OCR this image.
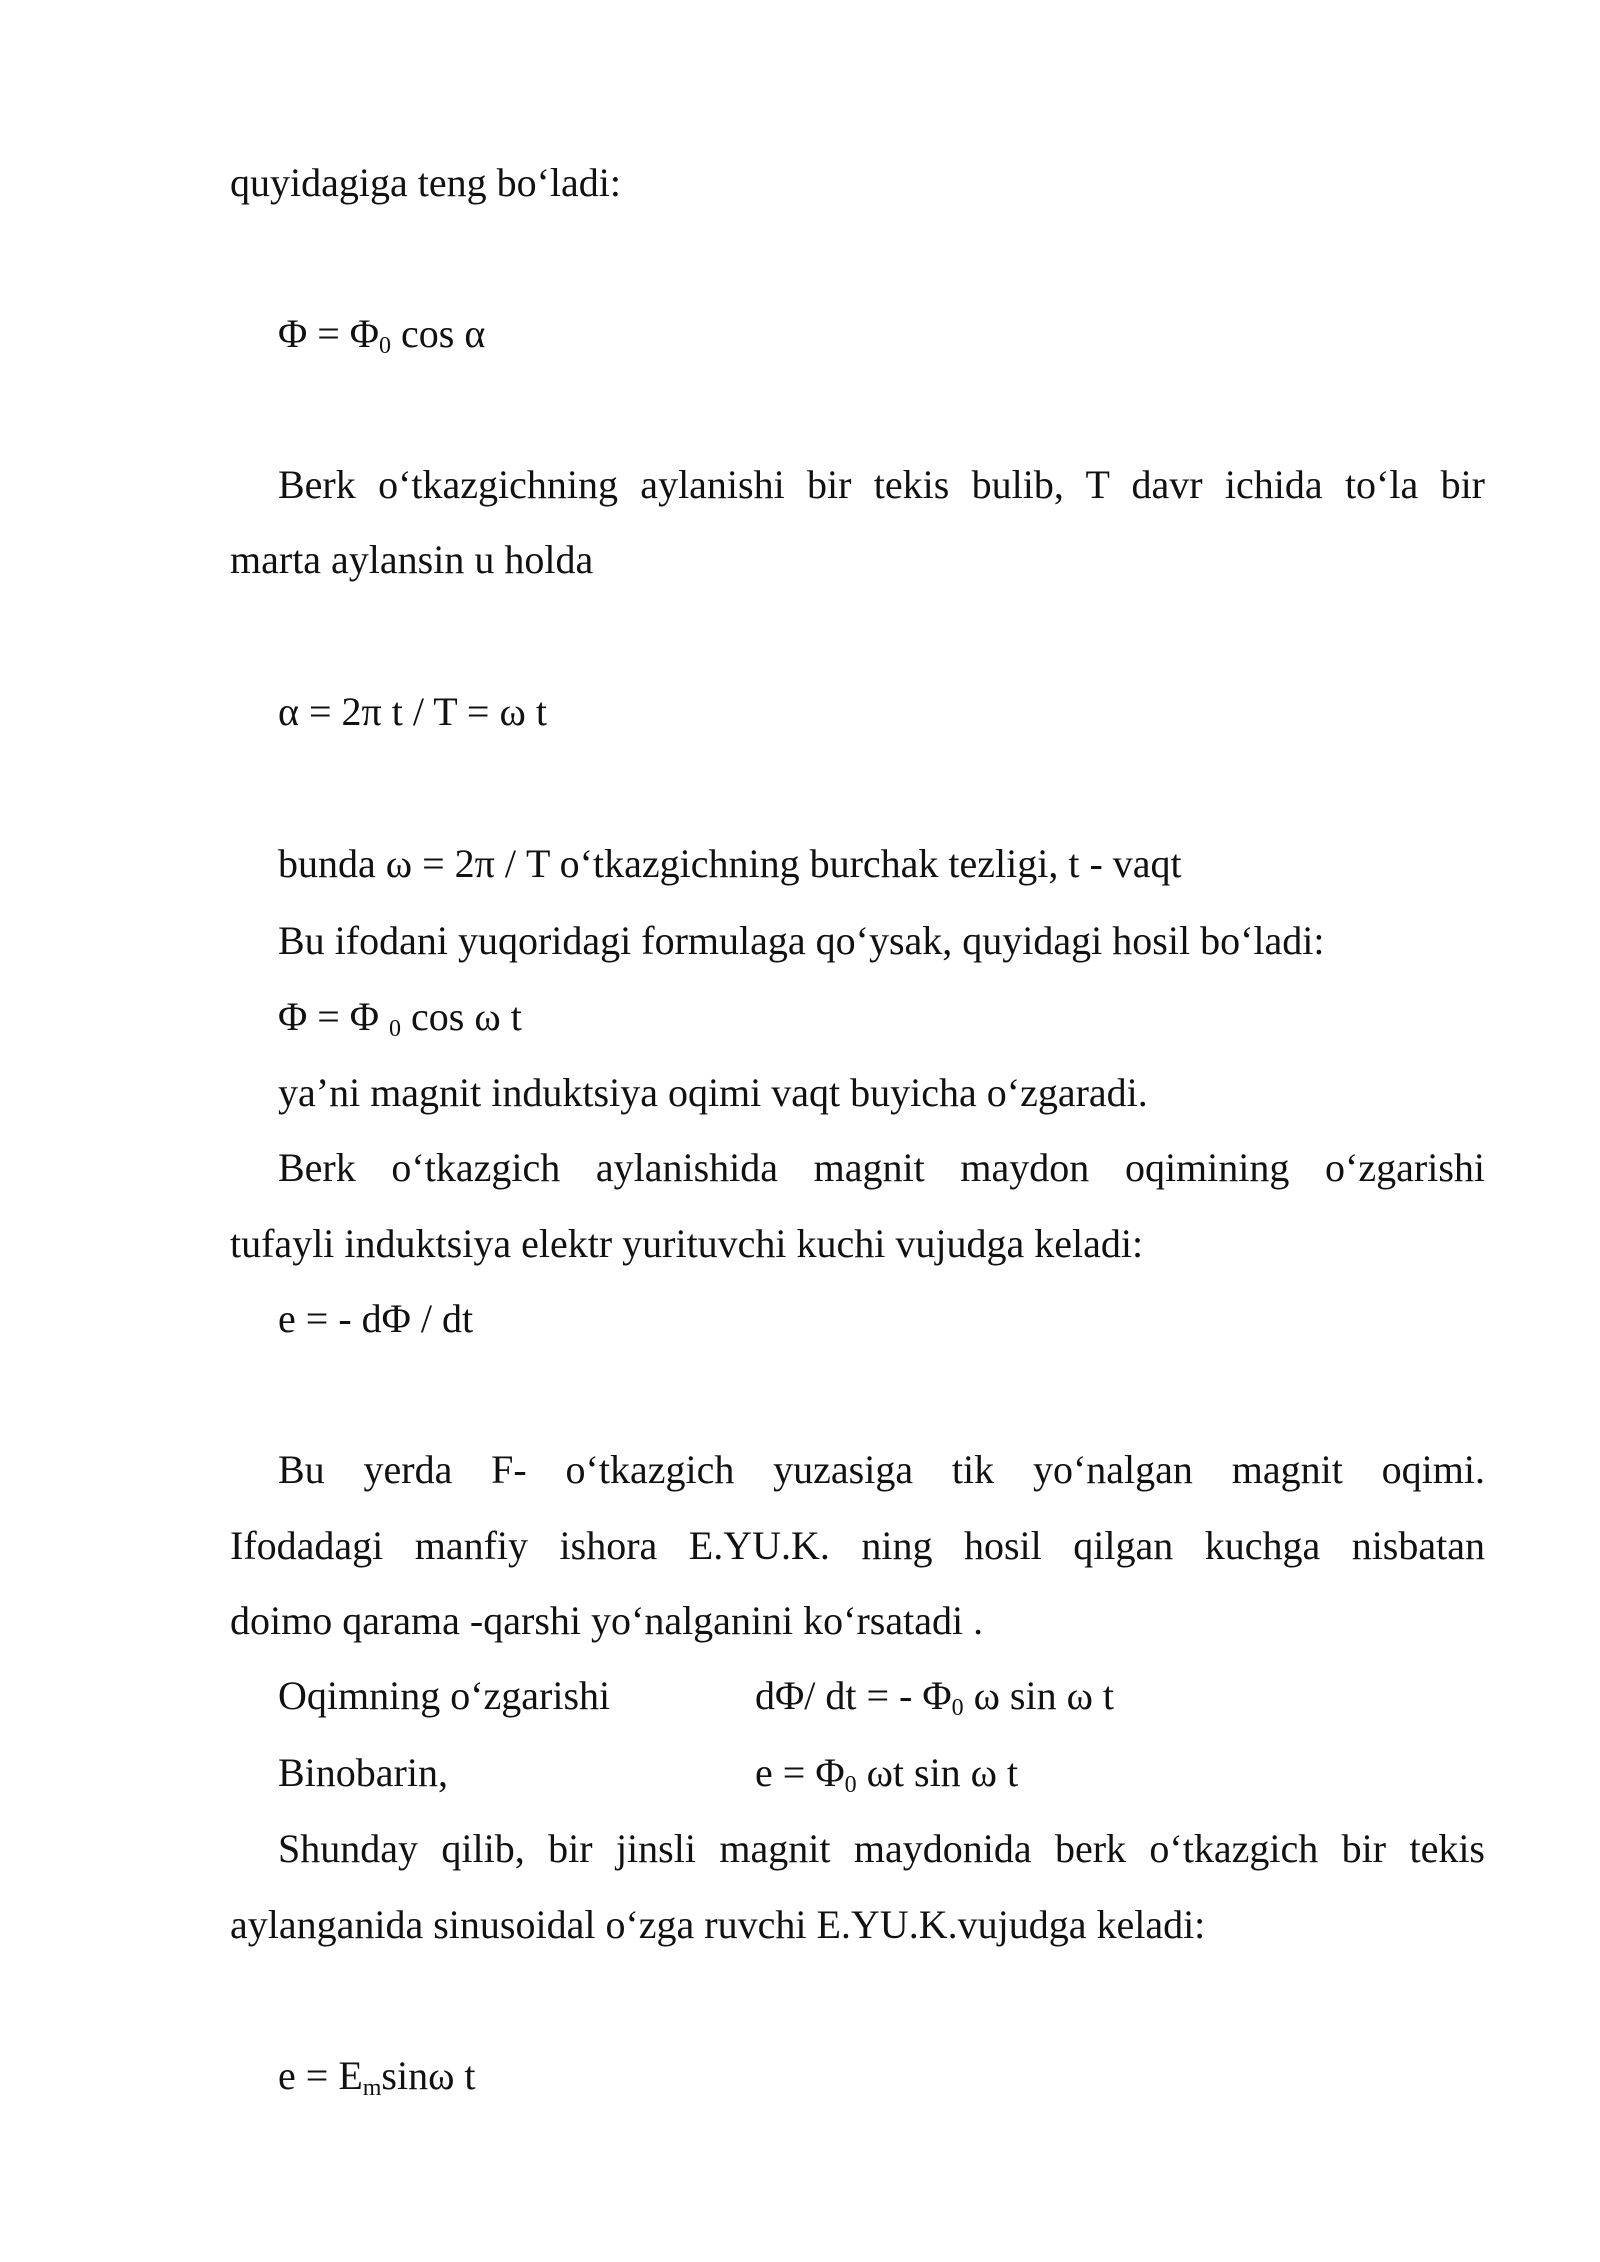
quyidagiga teng bo‘ladi:
$\Phi = \Phi_0$ cos α
Berk o‘tkazgichning aylanishi bir tekis bulib, T davr ichida to‘la bir
marta aylansin u holda
α = 2π t / T = ω t
bunda ω = 2π / T o‘tkazgichning burchak tezligi, t - vaqt
Bu ifodani yuqoridagi formulaga qo‘ysak, quyidagi hosil bo‘ladi:
Φ = Φ $_0$ cos ω t
ya’ni magnit induktsiya oqimi vaqt buyicha o‘zgaradi.
Berk o‘tkazgich aylanishida magnit maydon oqimining o‘zgarishi
tufayli induktsiya elektr yurituvchi kuchi vujudga keladi:
e = - dΦ / dt
Bu yerda F- o‘tkazgich yuzasiga tik yo‘nalgan magnit oqimi.
Ifodadagi manfiy ishora E.YU.K. ning hosil qilgan kuchga nisbatan
doimo qarama -qarshi yo‘nalganini ko‘rsatadi .
Oqimning o‘zgarishi	dΦ/ dt = - $\Phi_0$ ω sin ω t
Binobarin,	$e = \Phi_0$ ωt sin ω t
Shunday qilib, bir jinsli magnit maydonida berk o‘tkazgich bir tekis
aylanganida sinusoidal o‘zga ruvchi E.YU.K.vujudga keladi:
$e = E_m\sin\omega$ t
